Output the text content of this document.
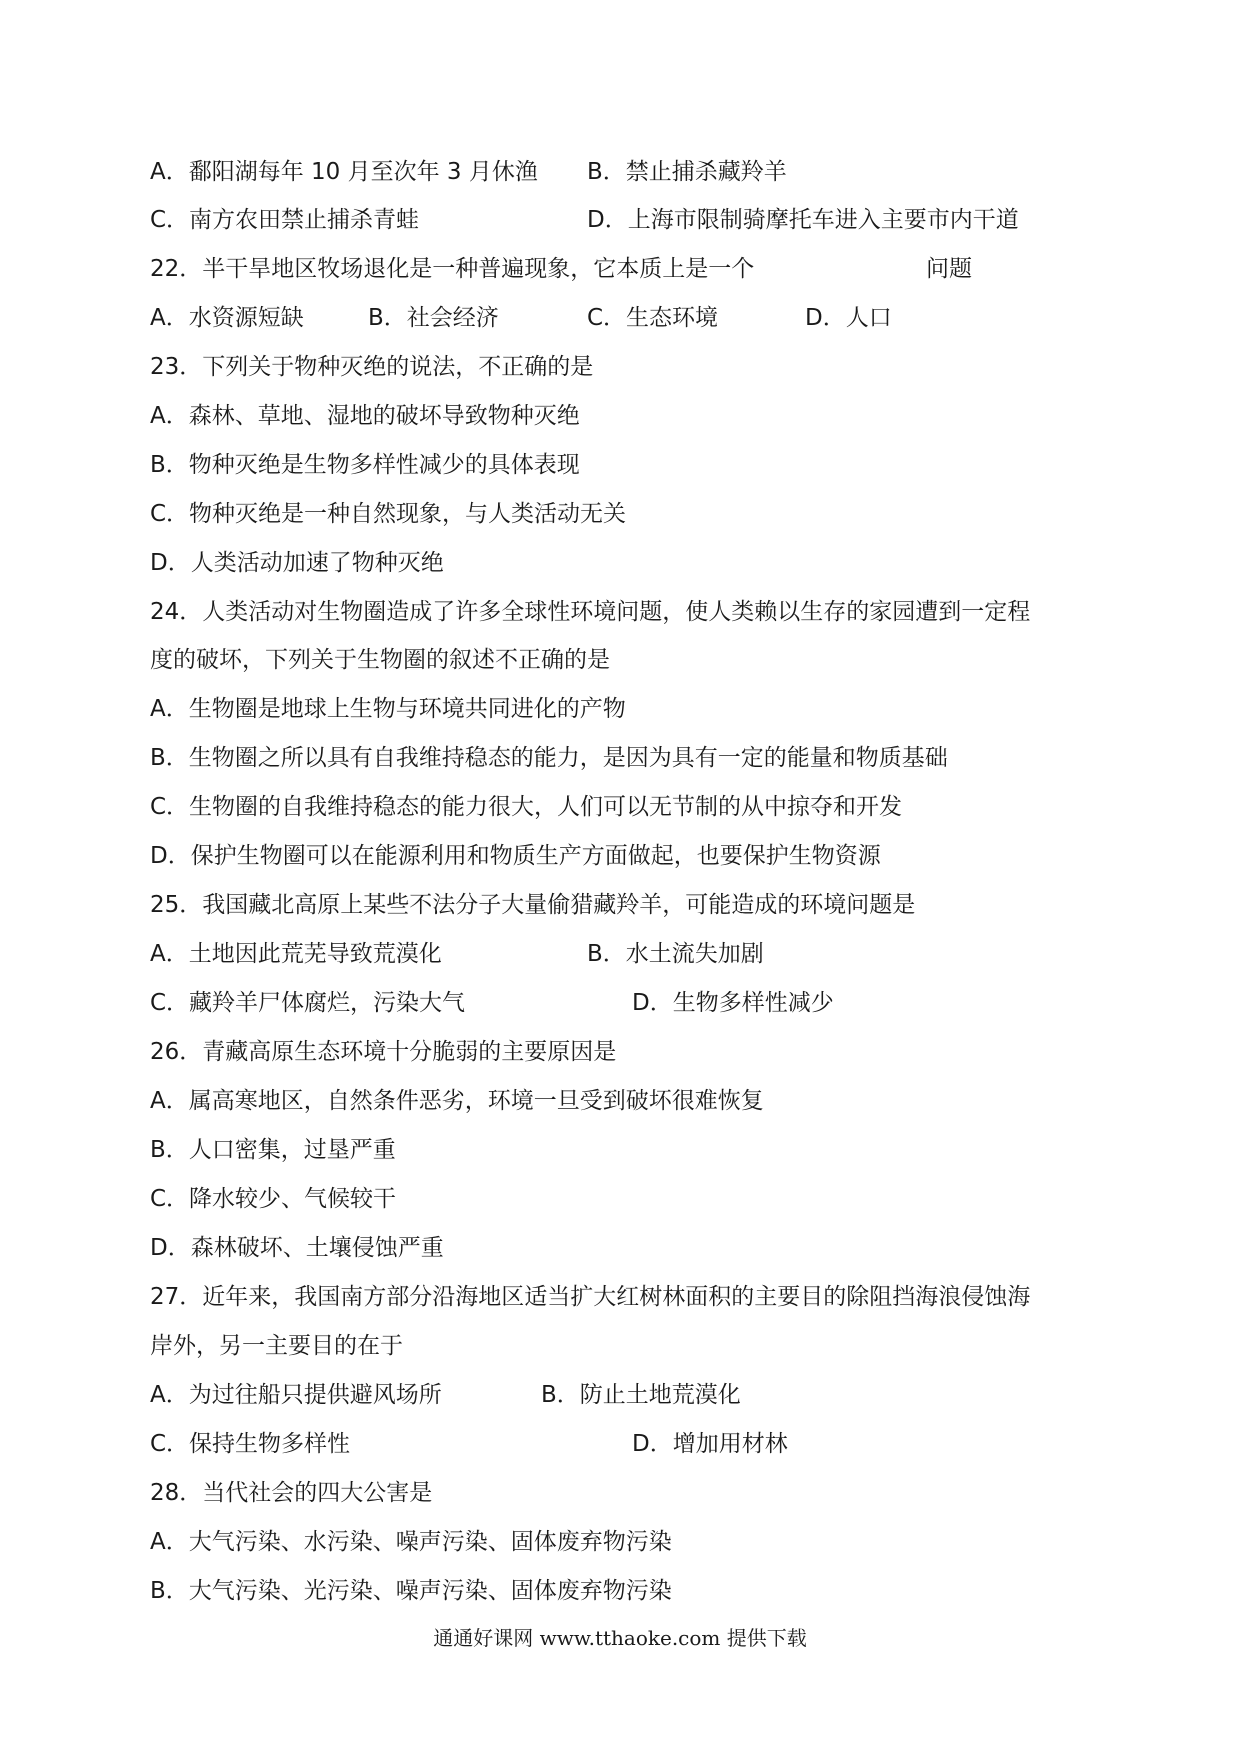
A．鄱阳湖每年 10 月至次年 3 月休渔 B．禁止捕杀藏羚羊
C．南方农田禁止捕杀青蛙	D．上海市限制骑摩托车进入主要市内干道
22．半干旱地区牧场退化是一种普遍现象，它本质上是一个	问题
A．水资源短缺	B．社会经济	C．生态环境	D．人口
23．下列关于物种灭绝的说法，不正确的是
A．森林、草地、湿地的破坏导致物种灭绝
B．物种灭绝是生物多样性减少的具体表现
C．物种灭绝是一种自然现象，与人类活动无关
D．人类活动加速了物种灭绝
24．人类活动对生物圈造成了许多全球性环境问题，使人类赖以生存的家园遭到一定程
度的破坏，下列关于生物圈的叙述不正确的是
A．生物圈是地球上生物与环境共同进化的产物
B．生物圈之所以具有自我维持稳态的能力，是因为具有一定的能量和物质基础
C．生物圈的自我维持稳态的能力很大，人们可以无节制的从中掠夺和开发
D．保护生物圈可以在能源利用和物质生产方面做起，也要保护生物资源
25．我国藏北高原上某些不法分子大量偷猎藏羚羊，可能造成的环境问题是
A．土地因此荒芜导致荒漠化	B．水土流失加剧
C．藏羚羊尸体腐烂，污染大气	D．生物多样性减少
26．青藏高原生态环境十分脆弱的主要原因是
A．属高寒地区，自然条件恶劣，环境一旦受到破坏很难恢复
B．人口密集，过垦严重
C．降水较少、气候较干
D．森林破坏、土壤侵蚀严重
27．近年来，我国南方部分沿海地区适当扩大红树林面积的主要目的除阻挡海浪侵蚀海
岸外，另一主要目的在于
A．为过往船只提供避风场所	B．防止土地荒漠化
C．保持生物多样性	D．增加用材林
28．当代社会的四大公害是
A．大气污染、水污染、噪声污染、固体废弃物污染
B．大气污染、光污染、噪声污染、固体废弃物污染
通通好课网 www.tthaoke.com 提供下载
